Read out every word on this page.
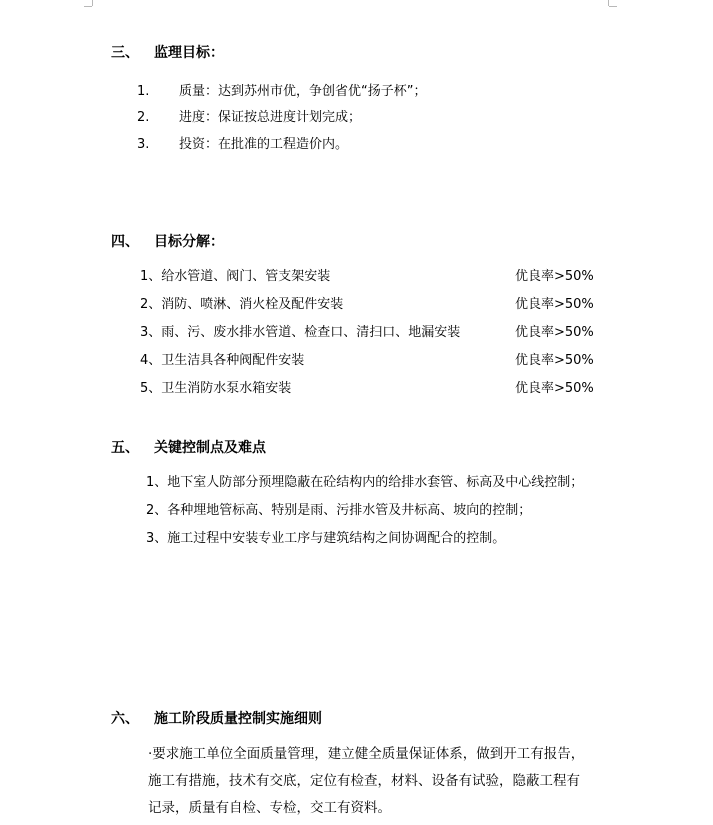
三、 监理目标：
1. 质量：达到苏州市优，争创省优“扬子杯”；
2. 进度：保证按总进度计划完成；
3. 投资：在批准的工程造价内。
四、 目标分解：
1、给水管道、阀门、管支架安装	优良率>50%
2、消防、喷淋、消火栓及配件安装	优良率>50%
3、雨、污、废水排水管道、检查口、清扫口、地漏安装	优良率>50%
4、卫生洁具各种阀配件安装	优良率>50%
5、卫生消防水泵水箱安装	优良率>50%
五、 关键控制点及难点
1、地下室人防部分预埋隐蔽在砼结构内的给排水套管、标高及中心线控制；
2、各种埋地管标高、特别是雨、污排水管及井标高、坡向的控制；
3、施工过程中安装专业工序与建筑结构之间协调配合的控制。
六、 施工阶段质量控制实施细则
·要求施工单位全面质量管理，建立健全质量保证体系，做到开工有报告，
施工有措施，技术有交底，定位有检查，材料、设备有试验，隐蔽工程有
记录，质量有自检、专检，交工有资料。
